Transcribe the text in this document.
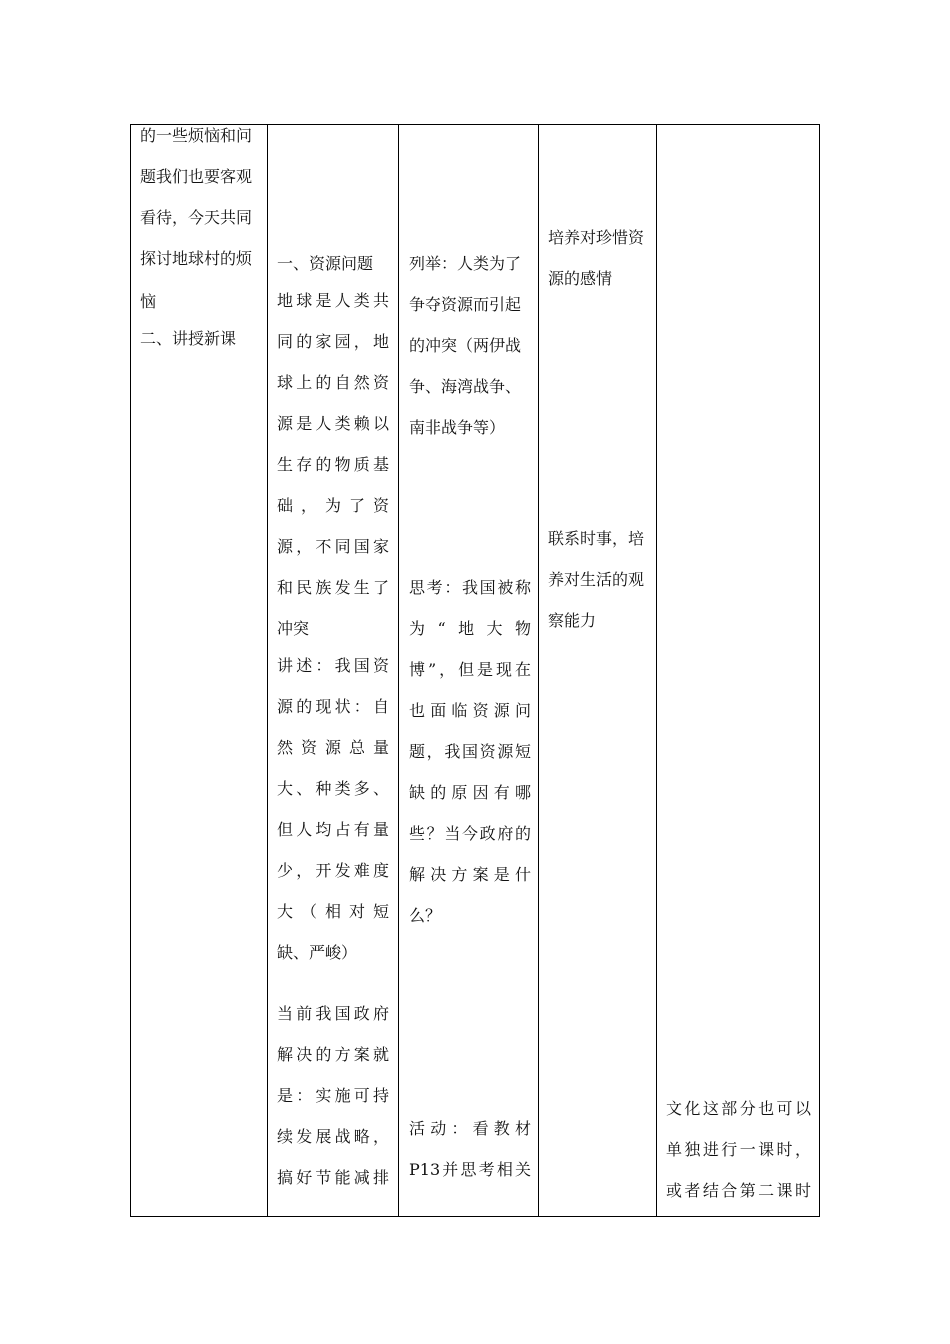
的一些烦恼和问
题我们也要客观
看待，今天共同
探讨地球村的烦
恼
二、讲授新课
一、资源问题
地球是人类共
同的家园，地
球上的自然资
源是人类赖以
生存的物质基
础，为了资
源，不同国家
和民族发生了
冲突
讲述：我国资
源的现状：自
然资源总量
大、种类多、
但人均占有量
少，开发难度
大（相对短
缺、严峻）
当前我国政府
解决的方案就
是：实施可持
续发展战略，
搞好节能减排
列举：人类为了
争夺资源而引起
的冲突（两伊战
争、海湾战争、
南非战争等）
思考：我国被称
为“地大物
博”，但是现在
也面临资源问
题，我国资源短
缺的原因有哪
些？当今政府的
解决方案是什
么？
活动：看教材
P13并思考相关
培养对珍惜资
源的感情
联系时事，培
养对生活的观
察能力
文化这部分也可以
单独进行一课时，
或者结合第二课时
